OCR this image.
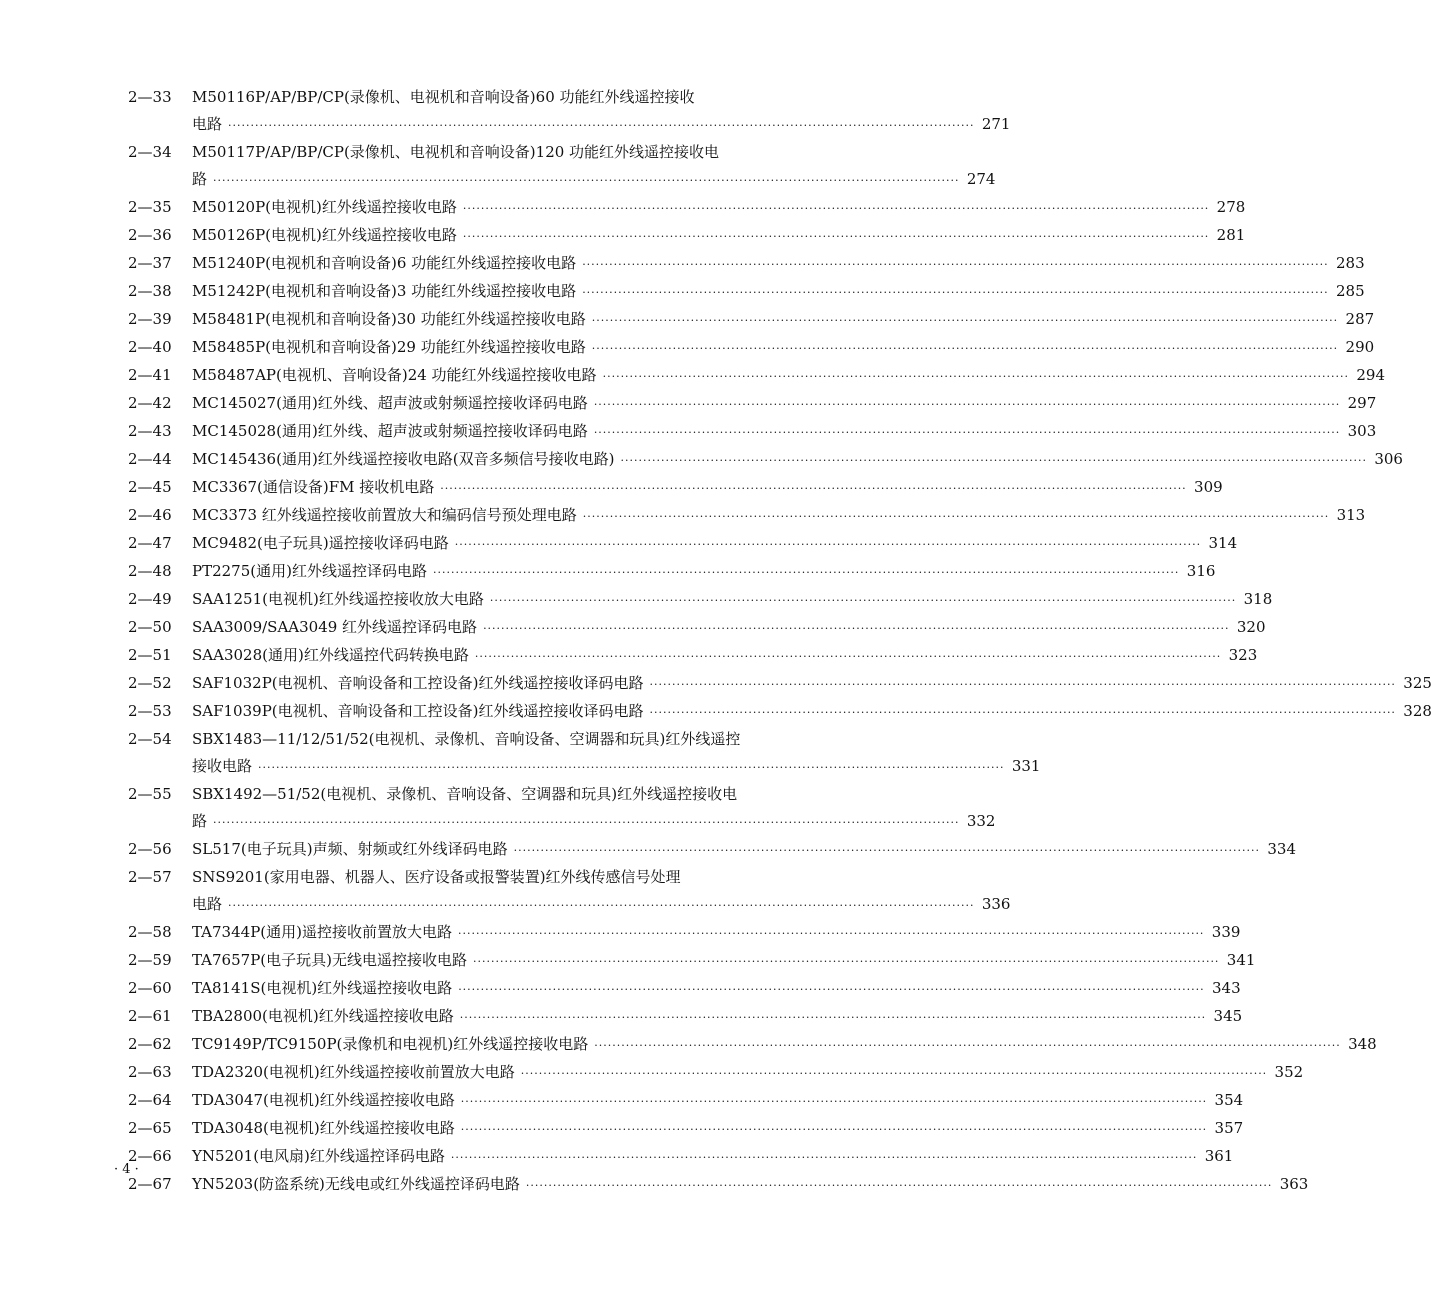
2—33	M50116P/AP/BP/CP(录像机、电视机和音响设备)60 功能红外线遥控接收
电路 ·····	271
2—34	M50117P/AP/BP/CP(录像机、电视机和音响设备)120 功能红外线遥控接收电
路 ·····	274
2—35	M50120P(电视机)红外线遥控接收电路 ·····	278
2—36	M50126P(电视机)红外线遥控接收电路 ·····	281
2—37	M51240P(电视机和音响设备)6 功能红外线遥控接收电路 ·····	283
2—38	M51242P(电视机和音响设备)3 功能红外线遥控接收电路 ·····	285
2—39	M58481P(电视机和音响设备)30 功能红外线遥控接收电路 ·····	287
2—40	M58485P(电视机和音响设备)29 功能红外线遥控接收电路 ·····	290
2—41	M58487AP(电视机、音响设备)24 功能红外线遥控接收电路 ·····	294
2—42	MC145027(通用)红外线、超声波或射频遥控接收译码电路 ·····	297
2—43	MC145028(通用)红外线、超声波或射频遥控接收译码电路 ·····	303
2—44	MC145436(通用)红外线遥控接收电路(双音多频信号接收电路) ·····	306
2—45	MC3367(通信设备)FM 接收机电路 ·····	309
2—46	MC3373 红外线遥控接收前置放大和编码信号预处理电路 ·····	313
2—47	MC9482(电子玩具)遥控接收译码电路 ·····	314
2—48	PT2275(通用)红外线遥控译码电路 ·····	316
2—49	SAA1251(电视机)红外线遥控接收放大电路 ·····	318
2—50	SAA3009/SAA3049 红外线遥控译码电路 ·····	320
2—51	SAA3028(通用)红外线遥控代码转换电路 ·····	323
2—52	SAF1032P(电视机、音响设备和工控设备)红外线遥控接收译码电路 ·····	325
2—53	SAF1039P(电视机、音响设备和工控设备)红外线遥控接收译码电路 ·····	328
2—54	SBX1483—11/12/51/52(电视机、录像机、音响设备、空调器和玩具)红外线遥控
接收电路 ·····	331
2—55	SBX1492—51/52(电视机、录像机、音响设备、空调器和玩具)红外线遥控接收电
路 ·····	332
2—56	SL517(电子玩具)声频、射频或红外线译码电路 ·····	334
2—57	SNS9201(家用电器、机器人、医疗设备或报警装置)红外线传感信号处理
电路 ·····	336
2—58	TA7344P(通用)遥控接收前置放大电路 ·····	339
2—59	TA7657P(电子玩具)无线电遥控接收电路 ·····	341
2—60	TA8141S(电视机)红外线遥控接收电路 ·····	343
2—61	TBA2800(电视机)红外线遥控接收电路 ·····	345
2—62	TC9149P/TC9150P(录像机和电视机)红外线遥控接收电路 ·····	348
2—63	TDA2320(电视机)红外线遥控接收前置放大电路 ·····	352
2—64	TDA3047(电视机)红外线遥控接收电路 ·····	354
2—65	TDA3048(电视机)红外线遥控接收电路 ·····	357
2—66	YN5201(电风扇)红外线遥控译码电路 ·····	361
2—67	YN5203(防盗系统)无线电或红外线遥控译码电路 ·····	363
· 4 ·
